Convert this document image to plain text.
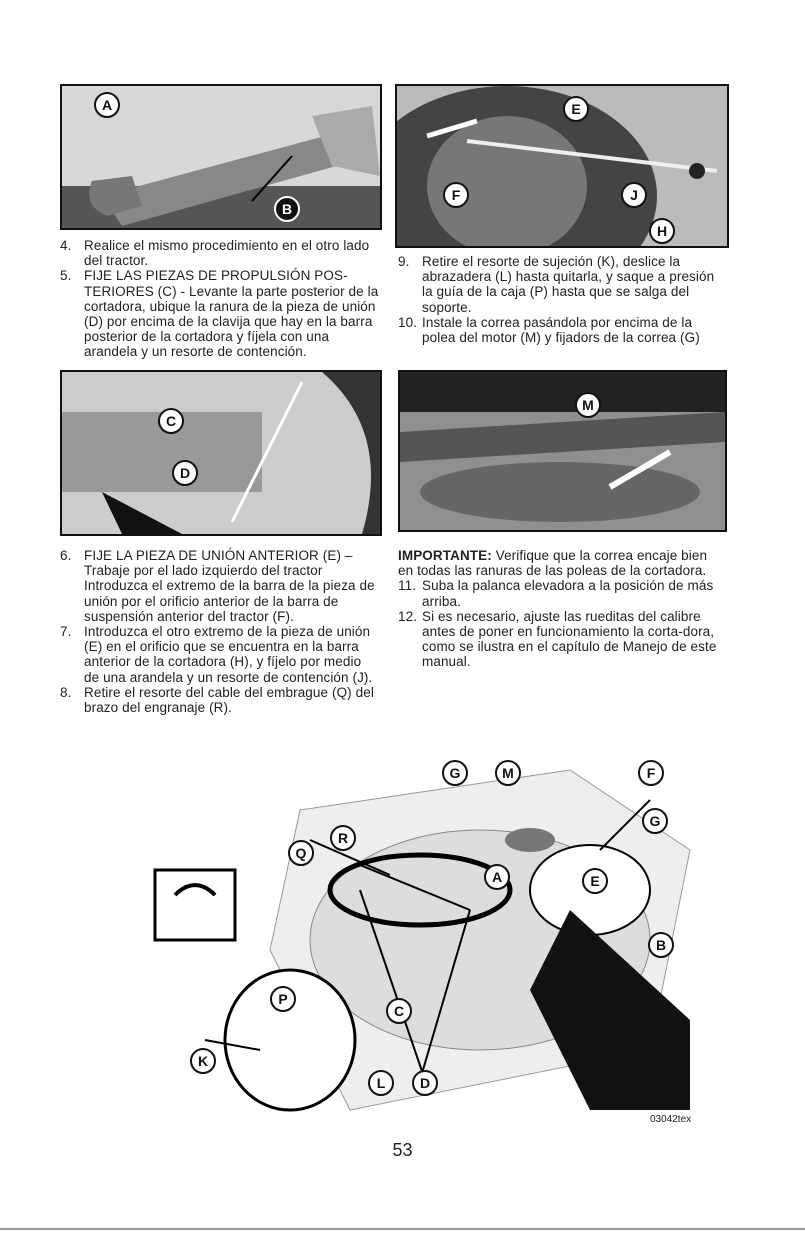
A
B
E
F	J
H
4. Realice el mismo procedimiento en el otro lado del tractor.
5. FIJE LAS PIEZAS DE PROPULSIÓN POS-TERIORES (C) - Levante la parte posterior de la cortadora, ubique la ranura de la pieza de unión (D) por encima de la clavija que hay en la barra posterior de la cortadora y fíjela con una arandela y un resorte de contención.
9. Retire el resorte de sujeción (K), deslice la abrazadera (L) hasta quitarla, y saque a presión la guía de la caja (P) hasta que se salga del soporte.
10. Instale la correa pasándola por encima de la polea del motor (M) y fijadors de la correa (G)
C
D
M
6. FIJE LA PIEZA DE UNIÓN ANTERIOR (E) – Trabaje por el lado izquierdo del tractor Introduzca el extremo de la barra de la pieza de unión por el orificio anterior de la barra de suspensión anterior del tractor (F).
7. Introduzca el otro extremo de la pieza de unión (E) en el orificio que se encuentra en la barra anterior de la cortadora (H), y fíjelo por medio de una arandela y un resorte de contención (J).
8. Retire el resorte del cable del embrague (Q) del brazo del engranaje (R).

IMPORTANTE: Verifique que la correa encaje bien en todas las ranuras de las poleas de la cortadora.

11. Suba la palanca elevadora a la posición de más arriba.
12. Si es necesario, ajuste las rueditas del calibre antes de poner en funcionamiento la corta-dora, como se ilustra en el capítulo de Manejo de este manual.
G	M	F
G
R
Q
A	E
B
P
C
K
L	D
03042tex
53
